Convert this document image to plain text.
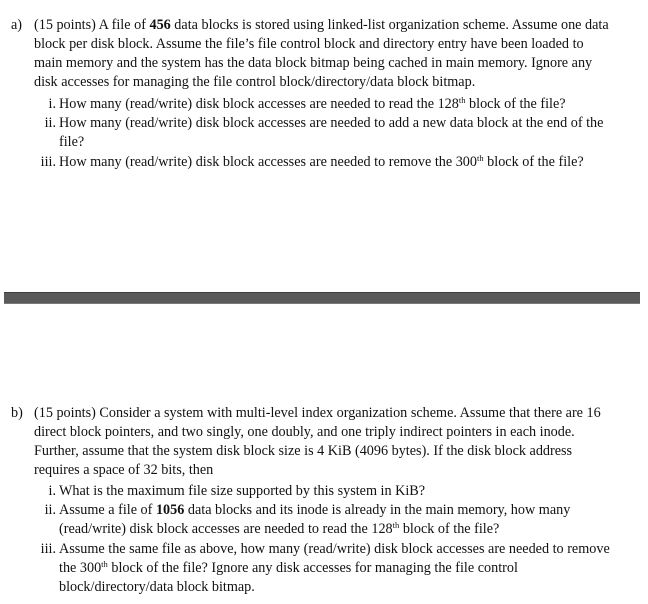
a) (15 points) A file of 456 data blocks is stored using linked-list organization scheme. Assume one data
block per disk block. Assume the file’s file control block and directory entry have been loaded to
main memory and the system has the data block bitmap being cached in main memory. Ignore any
disk accesses for managing the file control block/directory/data block bitmap.
i. How many (read/write) disk block accesses are needed to read the 128th block of the file?
ii. How many (read/write) disk block accesses are needed to add a new data block at the end of the
file?
iii. How many (read/write) disk block accesses are needed to remove the 300th block of the file?
b) (15 points) Consider a system with multi-level index organization scheme. Assume that there are 16
direct block pointers, and two singly, one doubly, and one triply indirect pointers in each inode.
Further, assume that the system disk block size is 4 KiB (4096 bytes). If the disk block address
requires a space of 32 bits, then
i. What is the maximum file size supported by this system in KiB?
ii. Assume a file of 1056 data blocks and its inode is already in the main memory, how many
(read/write) disk block accesses are needed to read the 128th block of the file?
iii. Assume the same file as above, how many (read/write) disk block accesses are needed to remove
the 300th block of the file? Ignore any disk accesses for managing the file control
block/directory/data block bitmap.
